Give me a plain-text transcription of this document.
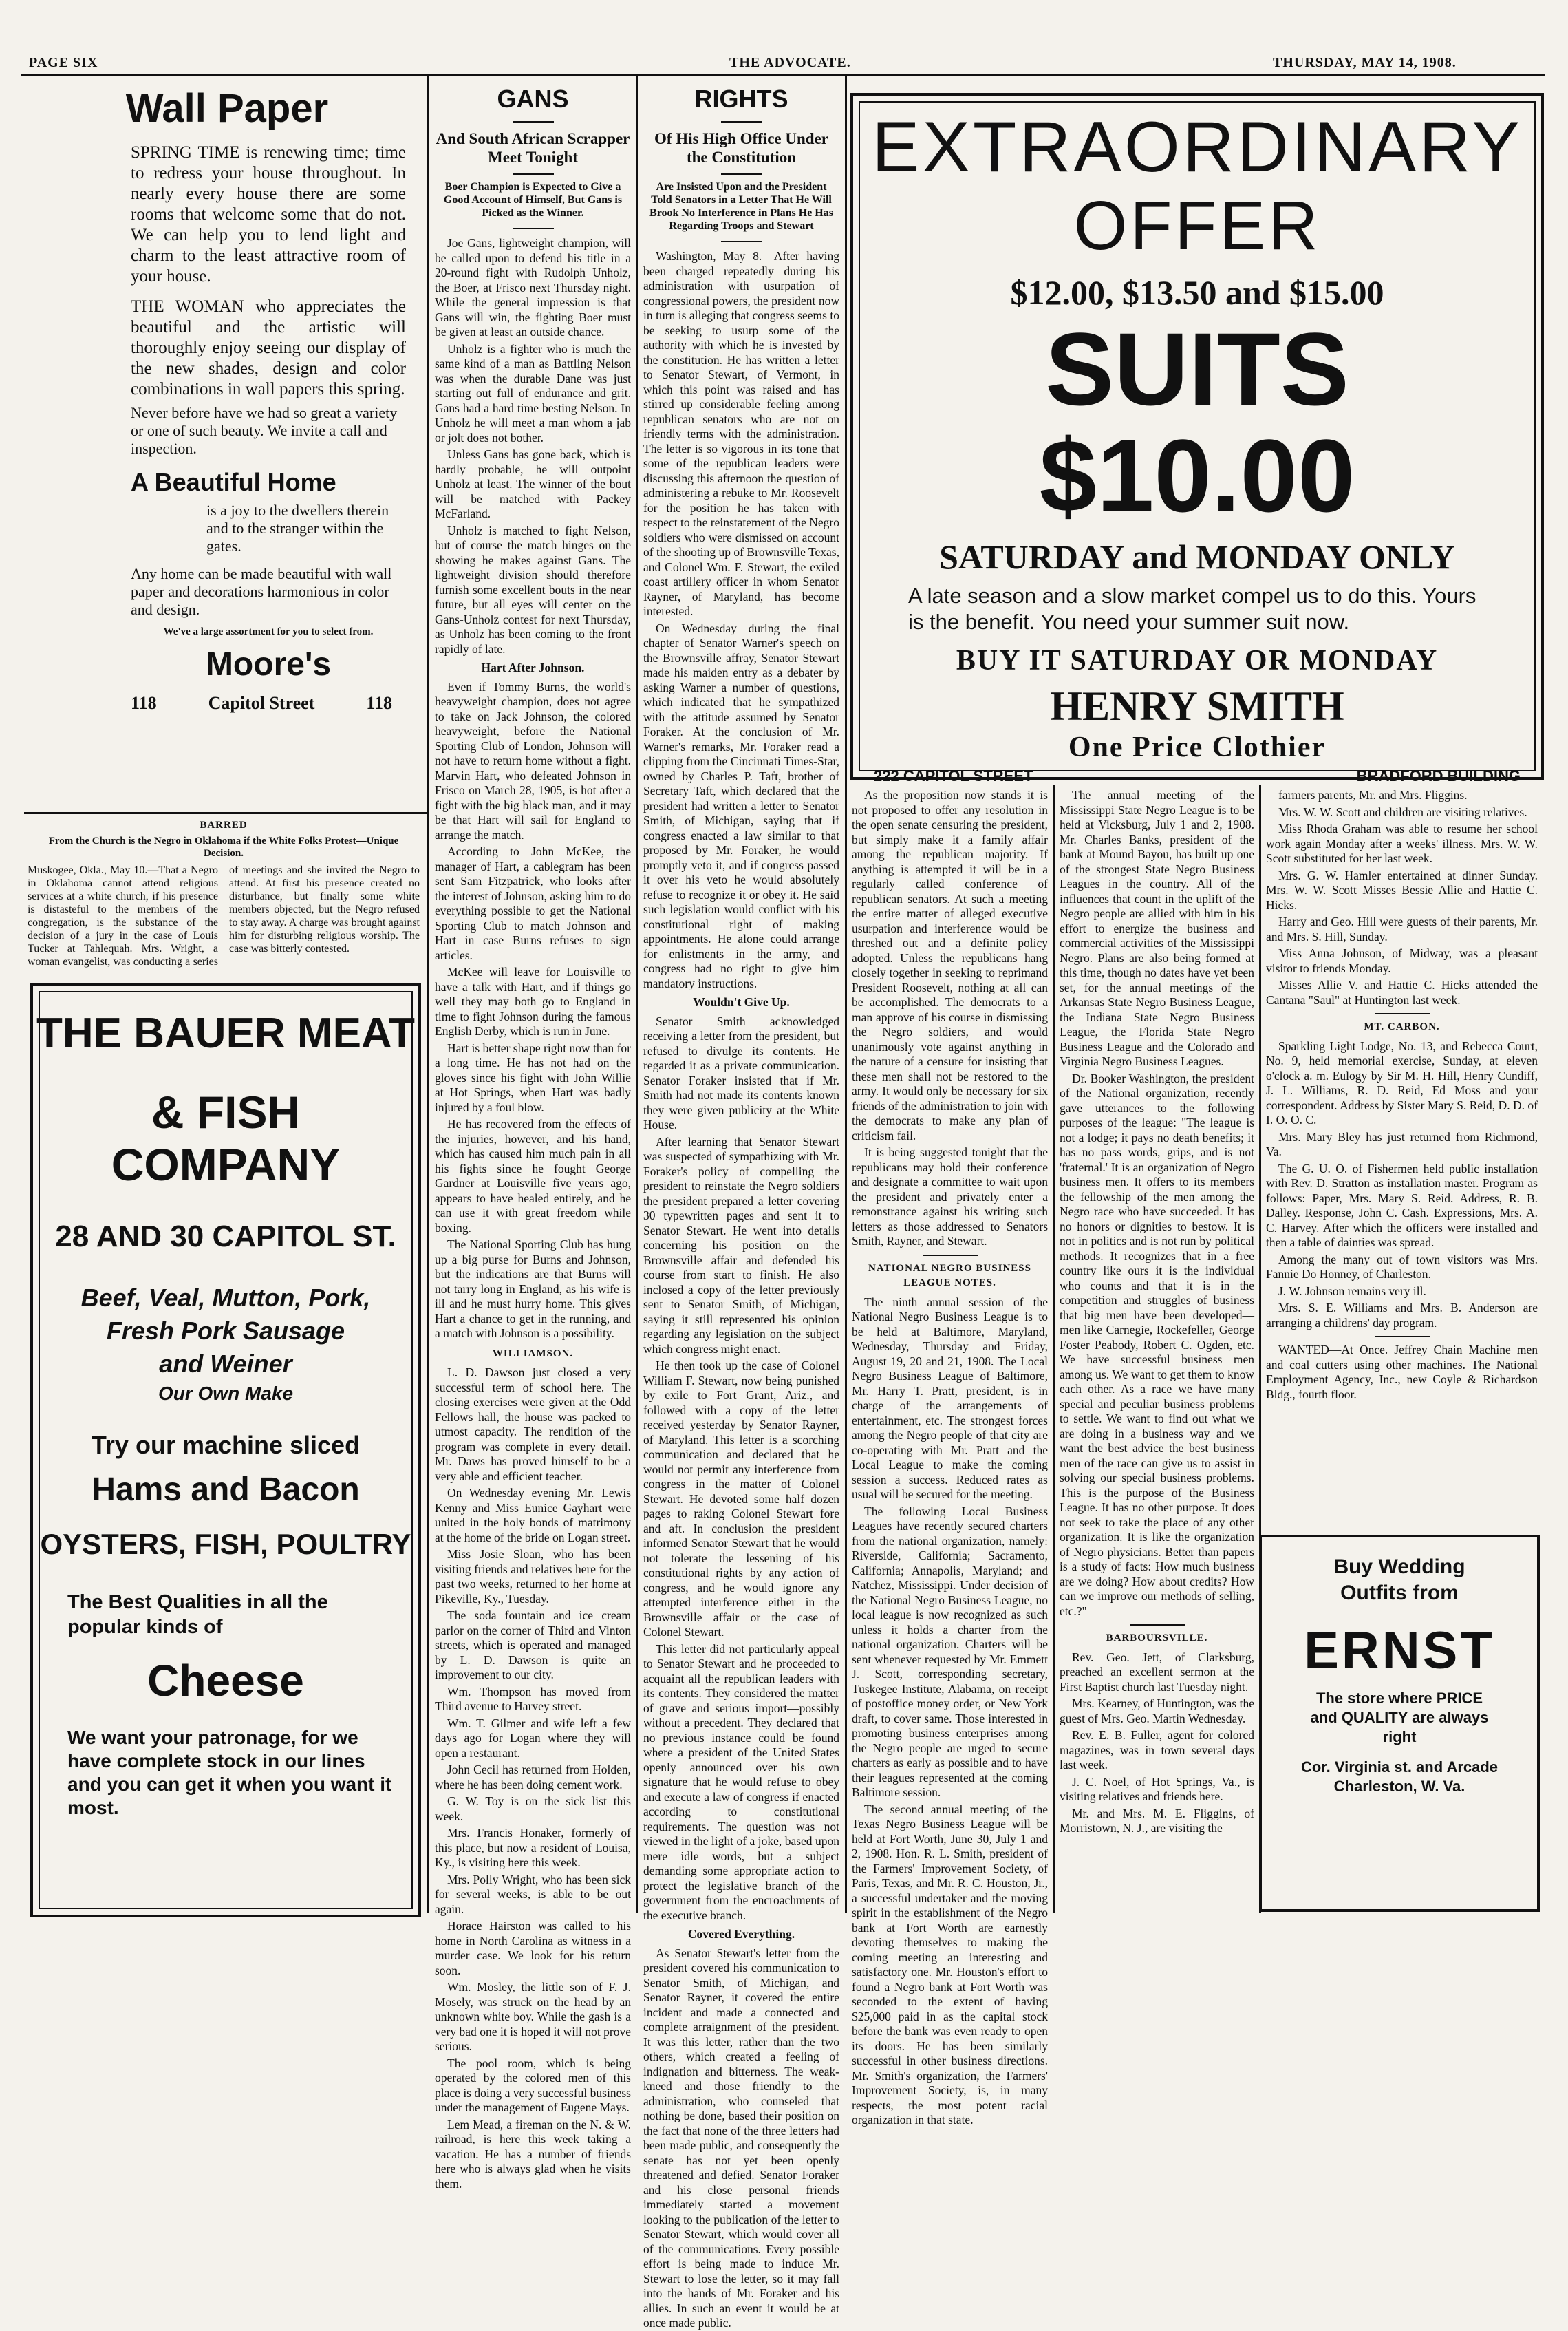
PAGE SIX	THE ADVOCATE.	THURSDAY, MAY 14, 1908.
Wall Paper
SPRING TIME is renewing time; time to redress your house throughout. In nearly every house there are some rooms that welcome some that do not. We can help you to lend light and charm to the least attractive room of your house.
THE WOMAN who appreciates the beautiful and the artistic will thoroughly enjoy seeing our display of the new shades, design and color combinations in wall papers this spring.
Never before have we had so great a variety or one of such beauty. We invite a call and inspection.
A Beautiful Home
is a joy to the dwellers therein and to the stranger within the gates.
Any home can be made beautiful with wall paper and decorations harmonious in color and design.
We've a large assortment for you to select from.
Moore's
118	Capitol Street	118
BARRED
From the Church is the Negro in Oklahoma if the White Folks Protest—Unique Decision.
Muskogee, Okla., May 10.—That a Negro in Oklahoma cannot attend religious services at a white church, if his presence is distasteful to the members of the congregation, is the substance of the decision of a jury in the case of Louis Tucker at Tahlequah. Mrs. Wright, a woman evangelist, was conducting a series of meetings and she invited the Negro to attend. At first his presence created no disturbance, but finally some white members objected, but the Negro refused to stay away. A charge was brought against him for disturbing religious worship. The case was bitterly contested.
THE BAUER MEAT
& FISH COMPANY
28 AND 30 CAPITOL ST.
Beef, Veal, Mutton, Pork,
Fresh Pork Sausage
and Weiner
Our Own Make
Try our machine sliced
Hams and Bacon
OYSTERS, FISH, POULTRY
The Best Qualities in all the popular kinds of
Cheese
We want your patronage, for we have complete stock in our lines and you can get it when you want it most.
GANS
And South African Scrapper Meet Tonight
Boer Champion is Expected to Give a Good Account of Himself, But Gans is Picked as the Winner.

Joe Gans, lightweight champion, will be called upon to defend his title in a 20-round fight with Rudolph Unholz, the Boer, at Frisco next Thursday night. While the general impression is that Gans will win, the fighting Boer must be given at least an outside chance.

Unholz is a fighter who is much the same kind of a man as Battling Nelson was when the durable Dane was just starting out full of endurance and grit. Gans had a hard time besting Nelson. In Unholz he will meet a man whom a jab or jolt does not bother.

Unless Gans has gone back, which is hardly probable, he will outpoint Unholz at least. The winner of the bout will be matched with Packey McFarland.

Unholz is matched to fight Nelson, but of course the match hinges on the showing he makes against Gans. The lightweight division should therefore furnish some excellent bouts in the near future, but all eyes will center on the Gans-Unholz contest for next Thursday, as Unholz has been coming to the front rapidly of late.

Hart After Johnson.

Even if Tommy Burns, the world's heavyweight champion, does not agree to take on Jack Johnson, the colored heavyweight, before the National Sporting Club of London, Johnson will not have to return home without a fight. Marvin Hart, who defeated Johnson in Frisco on March 28, 1905, is hot after a fight with the big black man, and it may be that Hart will sail for England to arrange the match.

According to John McKee, the manager of Hart, a cablegram has been sent Sam Fitzpatrick, who looks after the interest of Johnson, asking him to do everything possible to get the National Sporting Club to match Johnson and Hart in case Burns refuses to sign articles.

McKee will leave for Louisville to have a talk with Hart, and if things go well they may both go to England in time to fight Johnson during the famous English Derby, which is run in June.

Hart is better shape right now than for a long time. He has not had on the gloves since his fight with John Willie at Hot Springs, when Hart was badly injured by a foul blow.

He has recovered from the effects of the injuries, however, and his hand, which has caused him much pain in all his fights since he fought George Gardner at Louisville five years ago, appears to have healed entirely, and he can use it with great freedom while boxing.

The National Sporting Club has hung up a big purse for Burns and Johnson, but the indications are that Burns will not tarry long in England, as his wife is ill and he must hurry home. This gives Hart a chance to get in the running, and a match with Johnson is a possibility.

WILLIAMSON.

L. D. Dawson just closed a very successful term of school here. The closing exercises were given at the Odd Fellows hall, the house was packed to utmost capacity. The rendition of the program was complete in every detail. Mr. Daws has proved himself to be a very able and efficient teacher.

On Wednesday evening Mr. Lewis Kenny and Miss Eunice Gayhart were united in the holy bonds of matrimony at the home of the bride on Logan street.

Miss Josie Sloan, who has been visiting friends and relatives here for the past two weeks, returned to her home at Pikeville, Ky., Tuesday.

The soda fountain and ice cream parlor on the corner of Third and Vinton streets, which is operated and managed by L. D. Dawson is quite an improvement to our city.

Wm. Thompson has moved from Third avenue to Harvey street.

Wm. T. Gilmer and wife left a few days ago for Logan where they will open a restaurant.

John Cecil has returned from Holden, where he has been doing cement work.

G. W. Toy is on the sick list this week.

Mrs. Francis Honaker, formerly of this place, but now a resident of Louisa, Ky., is visiting here this week.

Mrs. Polly Wright, who has been sick for several weeks, is able to be out again.

Horace Hairston was called to his home in North Carolina as witness in a murder case. We look for his return soon.

Wm. Mosley, the little son of F. J. Mosely, was struck on the head by an unknown white boy. While the gash is a very bad one it is hoped it will not prove serious.

The pool room, which is being operated by the colored men of this place is doing a very successful business under the management of Eugene Mays.

Lem Mead, a fireman on the N. & W. railroad, is here this week taking a vacation. He has a number of friends here who is always glad when he visits them.

RIGHTS
Of His High Office Under the Constitution
Are Insisted Upon and the President Told Senators in a Letter That He Will Brook No Interference in Plans He Has Regarding Troops and Stewart

Washington, May 8.—After having been charged repeatedly during his administration with usurpation of congressional powers, the president now in turn is alleging that congress seems to be seeking to usurp some of the authority with which he is invested by the constitution. He has written a letter to Senator Stewart, of Vermont, in which this point was raised and has stirred up considerable feeling among republican senators who are not on friendly terms with the administration. The letter is so vigorous in its tone that some of the republican leaders were discussing this afternoon the question of administering a rebuke to Mr. Roosevelt for the position he has taken with respect to the reinstatement of the Negro soldiers who were dismissed on account of the shooting up of Brownsville Texas, and Colonel Wm. F. Stewart, the exiled coast artillery officer in whom Senator Rayner, of Maryland, has become interested.

On Wednesday during the final chapter of Senator Warner's speech on the Brownsville affray, Senator Stewart made his maiden entry as a debater by asking Warner a number of questions, which indicated that he sympathized with the attitude assumed by Senator Foraker. At the conclusion of Mr. Warner's remarks, Mr. Foraker read a clipping from the Cincinnati Times-Star, owned by Charles P. Taft, brother of Secretary Taft, which declared that the president had written a letter to Senator Smith, of Michigan, saying that if congress enacted a law similar to that proposed by Mr. Foraker, he would promptly veto it, and if congress passed it over his veto he would absolutely refuse to recognize it or obey it. He said such legislation would conflict with his constitutional right of making appointments. He alone could arrange for enlistments in the army, and congress had no right to give him mandatory instructions.

Wouldn't Give Up.

Senator Smith acknowledged receiving a letter from the president, but refused to divulge its contents. He regarded it as a private communication. Senator Foraker insisted that if Mr. Smith had not made its contents known they were given publicity at the White House.

After learning that Senator Stewart was suspected of sympathizing with Mr. Foraker's policy of compelling the president to reinstate the Negro soldiers the president prepared a letter covering 30 typewritten pages and sent it to Senator Stewart. He went into details concerning his position on the Brownsville affair and defended his course from start to finish. He also inclosed a copy of the letter previously sent to Senator Smith, of Michigan, saying it still represented his opinion regarding any legislation on the subject which congress might enact.

He then took up the case of Colonel William F. Stewart, now being punished by exile to Fort Grant, Ariz., and followed with a copy of the letter received yesterday by Senator Rayner, of Maryland. This letter is a scorching communication and declared that he would not permit any interference from congress in the matter of Colonel Stewart. He devoted some half dozen pages to raking Colonel Stewart fore and aft. In conclusion the president informed Senator Stewart that he would not tolerate the lessening of his constitutional rights by any action of congress, and he would ignore any attempted interference either in the Brownsville affair or the case of Colonel Stewart.

This letter did not particularly appeal to Senator Stewart and he proceeded to acquaint all the republican leaders with its contents. They considered the matter of grave and serious import—possibly without a precedent. They declared that no previous instance could be found where a president of the United States openly announced over his own signature that he would refuse to obey and execute a law of congress if enacted according to constitutional requirements. The question was not viewed in the light of a joke, based upon mere idle words, but a subject demanding some appropriate action to protect the legislative branch of the government from the encroachments of the executive branch.

Covered Everything.

As Senator Stewart's letter from the president covered his communication to Senator Smith, of Michigan, and Senator Rayner, it covered the entire incident and made a connected and complete arraignment of the president. It was this letter, rather than the two others, which created a feeling of indignation and bitterness. The weak-kneed and those friendly to the administration, who counseled that nothing be done, based their position on the fact that none of the three letters had been made public, and consequently the senate has not yet been openly threatened and defied. Senator Foraker and his close personal friends immediately started a movement looking to the publication of the letter to Senator Stewart, which would cover all of the communications. Every possible effort is being made to induce Mr. Stewart to lose the letter, so it may fall into the hands of Mr. Foraker and his allies. In such an event it would be at once made public.

EXTRAORDINARY
OFFER
$12.00, $13.50 and $15.00
SUITS
$10.00
SATURDAY and MONDAY ONLY
A late season and a slow market compel us to do this. Yours is the benefit. You need your summer suit now.
BUY IT SATURDAY OR MONDAY
HENRY SMITH
One Price Clothier
222 CAPITOL STREET	BRADFORD BUILDING

As the proposition now stands it is not proposed to offer any resolution in the open senate censuring the president, but simply make it a family affair among the republican majority. If anything is attempted it will be in a regularly called conference of republican senators. At such a meeting the entire matter of alleged executive usurpation and interference would be threshed out and a definite policy adopted. Unless the republicans hang closely together in seeking to reprimand President Roosevelt, nothing at all can be accomplished. The democrats to a man approve of his course in dismissing the Negro soldiers, and would unanimously vote against anything in the nature of a censure for insisting that these men shall not be restored to the army. It would only be necessary for six friends of the administration to join with the democrats to make any plan of criticism fail.

It is being suggested tonight that the republicans may hold their conference and designate a committee to wait upon the president and privately enter a remonstrance against his writing such letters as those addressed to Senators Smith, Rayner, and Stewart.

NATIONAL NEGRO BUSINESS LEAGUE NOTES.

The ninth annual session of the National Negro Business League is to be held at Baltimore, Maryland, Wednesday, Thursday and Friday, August 19, 20 and 21, 1908. The Local Negro Business League of Baltimore, Mr. Harry T. Pratt, president, is in charge of the arrangements of entertainment, etc. The strongest forces among the Negro people of that city are co-operating with Mr. Pratt and the Local League to make the coming session a success. Reduced rates as usual will be secured for the meeting.

The following Local Business Leagues have recently secured charters from the national organization, namely: Riverside, California; Sacramento, California; Annapolis, Maryland; and Natchez, Mississippi. Under decision of the National Negro Business League, no local league is now recognized as such unless it holds a charter from the national organization. Charters will be sent whenever requested by Mr. Emmett J. Scott, corresponding secretary, Tuskegee Institute, Alabama, on receipt of postoffice money order, or New York draft, to cover same. Those interested in promoting business enterprises among the Negro people are urged to secure charters as early as possible and to have their leagues represented at the coming Baltimore session.

The second annual meeting of the Texas Negro Business League will be held at Fort Worth, June 30, July 1 and 2, 1908. Hon. R. L. Smith, president of the Farmers' Improvement Society, of Paris, Texas, and Mr. R. C. Houston, Jr., a successful undertaker and the moving spirit in the establishment of the Negro bank at Fort Worth are earnestly devoting themselves to making the coming meeting an interesting and satisfactory one. Mr. Houston's effort to found a Negro bank at Fort Worth was seconded to the extent of having $25,000 paid in as the capital stock before the bank was even ready to open its doors. He has been similarly successful in other business directions. Mr. Smith's organization, the Farmers' Improvement Society, is, in many respects, the most potent racial organization in that state.

The annual meeting of the Mississippi State Negro League is to be held at Vicksburg, July 1 and 2, 1908. Mr. Charles Banks, president of the bank at Mound Bayou, has built up one of the strongest State Negro Business Leagues in the country. All of the influences that count in the uplift of the Negro people are allied with him in his effort to energize the business and commercial activities of the Mississippi Negro. Plans are also being formed at this time, though no dates have yet been set, for the annual meetings of the Arkansas State Negro Business League, the Indiana State Negro Business League, the Florida State Negro Business League and the Colorado and Virginia Negro Business Leagues.

Dr. Booker Washington, the president of the National organization, recently gave utterances to the following purposes of the league: "The league is not a lodge; it pays no death benefits; it has no pass words, grips, and is not 'fraternal.' It is an organization of Negro business men. It offers to its members the fellowship of the men among the Negro race who have succeeded. It has no honors or dignities to bestow. It is not in politics and is not run by political methods. It recognizes that in a free country like ours it is the individual who counts and that it is in the competition and struggles of business that big men have been developed—men like Carnegie, Rockefeller, George Foster Peabody, Robert C. Ogden, etc. We have successful business men among us. We want to get them to know each other. As a race we have many special and peculiar business problems to settle. We want to find out what we are doing in a business way and we want the best advice the best business men of the race can give us to assist in solving our special business problems. This is the purpose of the Business League. It has no other purpose. It does not seek to take the place of any other organization. It is like the organization of Negro physicians. Better than papers is a study of facts: How much business are we doing? How about credits? How can we improve our methods of selling, etc.?"

BARBOURSVILLE.

Rev. Geo. Jett, of Clarksburg, preached an excellent sermon at the First Baptist church last Tuesday night.

Mrs. Kearney, of Huntington, was the guest of Mrs. Geo. Martin Wednesday.

Rev. E. B. Fuller, agent for colored magazines, was in town several days last week.

J. C. Noel, of Hot Springs, Va., is visiting relatives and friends here.

Mr. and Mrs. M. E. Fliggins, of Morristown, N. J., are visiting the

farmers parents, Mr. and Mrs. Fliggins.

Mrs. W. W. Scott and children are visiting relatives.

Miss Rhoda Graham was able to resume her school work again Monday after a weeks' illness. Mrs. W. W. Scott substituted for her last week.

Mrs. G. W. Hamler entertained at dinner Sunday. Mrs. W. W. Scott Misses Bessie Allie and Hattie C. Hicks.

Harry and Geo. Hill were guests of their parents, Mr. and Mrs. S. Hill, Sunday.

Miss Anna Johnson, of Midway, was a pleasant visitor to friends Monday.

Misses Allie V. and Hattie C. Hicks attended the Cantana "Saul" at Huntington last week.

MT. CARBON.

Sparkling Light Lodge, No. 13, and Rebecca Court, No. 9, held memorial exercise, Sunday, at eleven o'clock a. m. Eulogy by Sir M. H. Hill, Henry Cundiff, J. L. Williams, R. D. Reid, Ed Moss and your correspondent. Address by Sister Mary S. Reid, D. D. of I. O. O. C.

Mrs. Mary Bley has just returned from Richmond, Va.

The G. U. O. of Fishermen held public installation with Rev. D. Stratton as installation master. Program as follows: Paper, Mrs. Mary S. Reid. Address, R. B. Dalley. Response, John C. Cash. Expressions, Mrs. A. C. Harvey. After which the officers were installed and then a table of dainties was spread.

Among the many out of town visitors was Mrs. Fannie Do Honney, of Charleston.

J. W. Johnson remains very ill.

Mrs. S. E. Williams and Mrs. B. Anderson are arranging a childrens' day program.

WANTED—At Once. Jeffrey Chain Machine men and coal cutters using other machines. The National Employment Agency, Inc., new Coyle & Richardson Bldg., fourth floor.

Buy Wedding Outfits from
ERNST
The store where PRICE and QUALITY are always right
Cor. Virginia st. and Arcade Charleston, W. Va.
